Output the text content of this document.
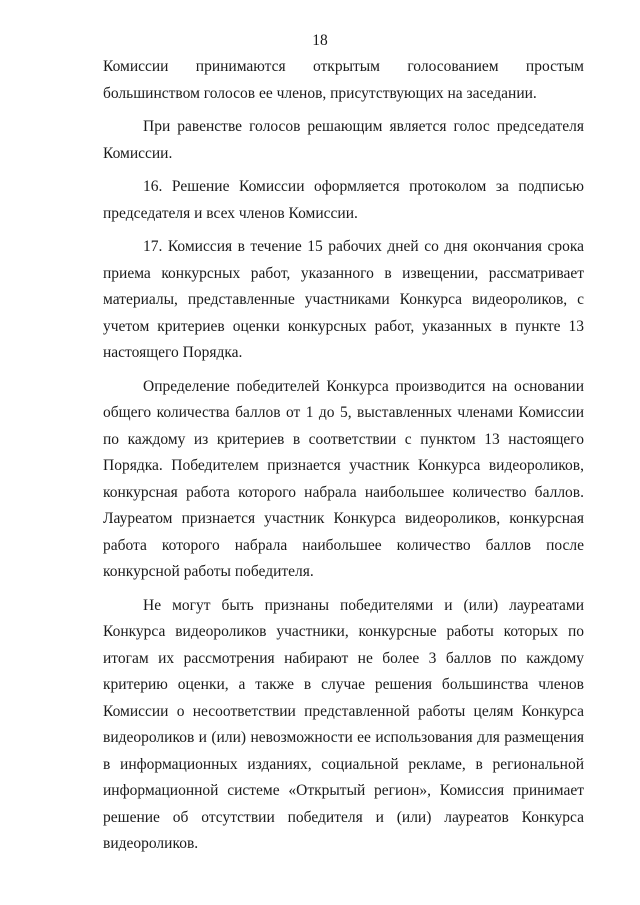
18

Комиссии принимаются открытым голосованием простым большинством голосов ее членов, присутствующих на заседании.

При равенстве голосов решающим является голос председателя Комиссии.

16. Решение Комиссии оформляется протоколом за подписью председателя и всех членов Комиссии.

17. Комиссия в течение 15 рабочих дней со дня окончания срока приема конкурсных работ, указанного в извещении, рассматривает материалы, представленные участниками Конкурса видеороликов, с учетом критериев оценки конкурсных работ, указанных в пункте 13 настоящего Порядка.

Определение победителей Конкурса производится на основании общего количества баллов от 1 до 5, выставленных членами Комиссии по каждому из критериев в соответствии с пунктом 13 настоящего Порядка. Победителем признается участник Конкурса видеороликов, конкурсная работа которого набрала наибольшее количество баллов. Лауреатом признается участник Конкурса видеороликов, конкурсная работа которого набрала наибольшее количество баллов после конкурсной работы победителя.

Не могут быть признаны победителями и (или) лауреатами Конкурса видеороликов участники, конкурсные работы которых по итогам их рассмотрения набирают не более 3 баллов по каждому критерию оценки, а также в случае решения большинства членов Комиссии о несоответствии представленной работы целям Конкурса видеороликов и (или) невозможности ее использования для размещения в информационных изданиях, социальной рекламе, в региональной информационной системе «Открытый регион», Комиссия принимает решение об отсутствии победителя и (или) лауреатов Конкурса видеороликов.
